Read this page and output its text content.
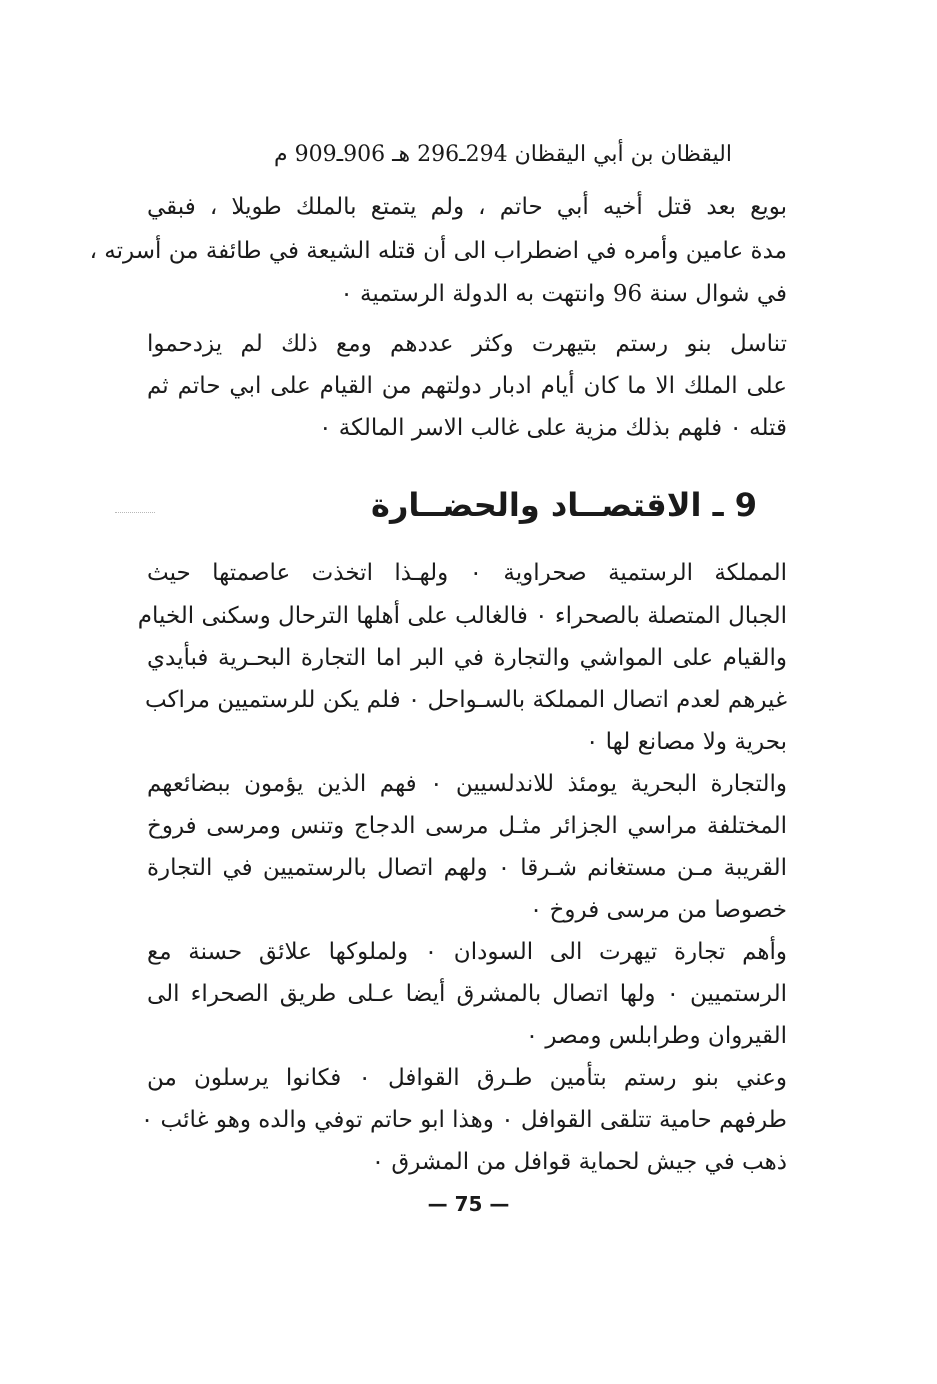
اليقظان بن أبي اليقظان 294ـ296 هـ 906ـ909 م
بويع بعد قتل أخيه أبي حاتم ، ولم يتمتع بالملك طويلا ، فبقي
مدة عامين وأمره في اضطراب الى أن قتله الشيعة في طائفة من أسرته ،
في شوال سنة 96 وانتهت به الدولة الرستمية ٠
تناسل بنو رستم بتيهرت وكثر عددهم ومع ذلك لم يزدحموا
على الملك الا ما كان أيام ادبار دولتهم من القيام على ابي حاتم ثم
قتله ٠ فلهم بذلك مزية على غالب الاسر المالكة ٠
9 ـ الاقتصــاد والحضــارة
المملكة الرستمية صحراوية ٠ ولهـذا اتخذت عاصمتها حيث
الجبال المتصلة بالصحراء ٠ فالغالب على أهلها الترحال وسكنى الخيام
والقيام على المواشي والتجارة في البر اما التجارة البحـرية فبأيدي
غيرهم لعدم اتصال المملكة بالسـواحل ٠ فلم يكن للرستميين مراكب
بحرية ولا مصانع لها ٠
والتجارة البحرية يومئذ للاندلسيين ٠ فهم الذين يؤمون ببضائعهم
المختلفة مراسي الجزائر مثـل مرسى الدجاج وتنس ومرسى فروخ
القريبة مـن مستغانم شـرقا ٠ ولهم اتصال بالرستميين في التجارة
خصوصا من مرسى فروخ ٠
وأهم تجارة تيهرت الى السودان ٠ ولملوكها علائق حسنة مع
الرستميين ٠ ولها اتصال بالمشرق أيضا عـلى طريق الصحراء الى
القيروان وطرابلس ومصر ٠
وعني بنو رستم بتأمين طـرق القوافل ٠ فكانوا يرسلون من
طرفهم حامية تتلقى القوافل ٠ وهذا ابو حاتم توفي والده وهو غائب ٠
ذهب في جيش لحماية قوافل من المشرق ٠
— 75 —
